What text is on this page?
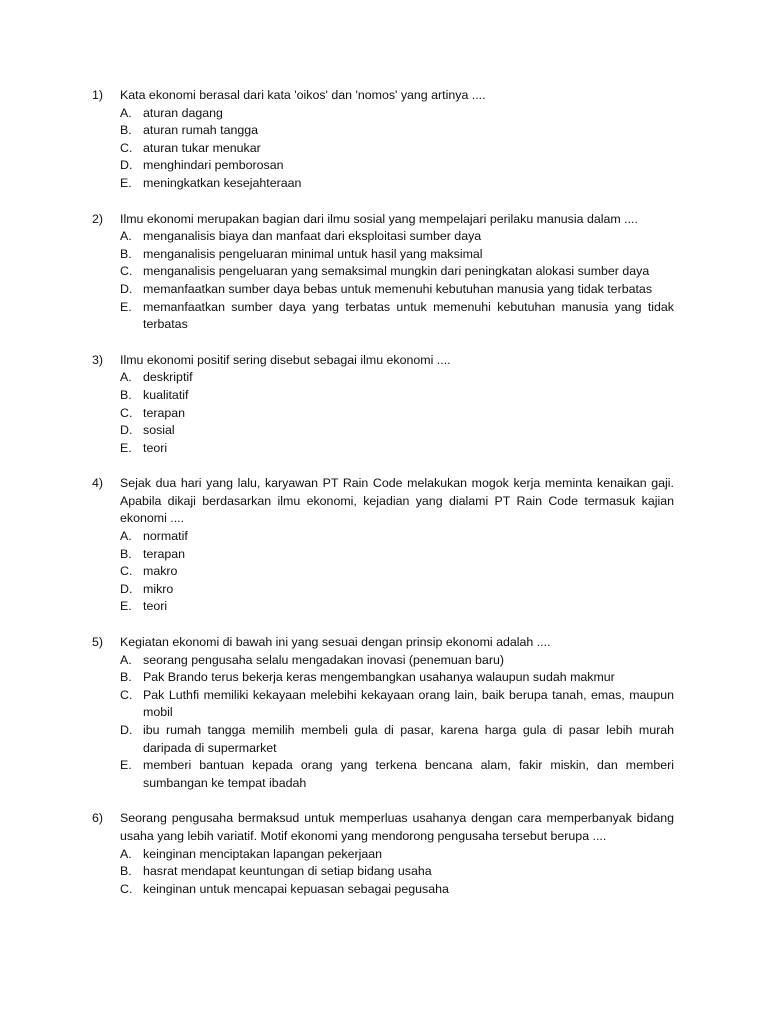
1)	Kata ekonomi berasal dari kata 'oikos' dan 'nomos' yang artinya ....
A. aturan dagang
B. aturan rumah tangga
C. aturan tukar menukar
D. menghindari pemborosan
E. meningkatkan kesejahteraan
2)	Ilmu ekonomi merupakan bagian dari ilmu sosial yang mempelajari perilaku manusia dalam ....
A. menganalisis biaya dan manfaat dari eksploitasi sumber daya
B. menganalisis pengeluaran minimal untuk hasil yang maksimal
C. menganalisis pengeluaran yang semaksimal mungkin dari peningkatan alokasi sumber daya
D. memanfaatkan sumber daya bebas untuk memenuhi kebutuhan manusia yang tidak terbatas
E. memanfaatkan sumber daya yang terbatas untuk memenuhi kebutuhan manusia yang tidak terbatas
3)	Ilmu ekonomi positif sering disebut sebagai ilmu ekonomi ....
A. deskriptif
B. kualitatif
C. terapan
D. sosial
E. teori
4)	Sejak dua hari yang lalu, karyawan PT Rain Code melakukan mogok kerja meminta kenaikan gaji. Apabila dikaji berdasarkan ilmu ekonomi, kejadian yang dialami PT Rain Code termasuk kajian ekonomi ....
A. normatif
B. terapan
C. makro
D. mikro
E. teori
5)	Kegiatan ekonomi di bawah ini yang sesuai dengan prinsip ekonomi adalah ....
A. seorang pengusaha selalu mengadakan inovasi (penemuan baru)
B. Pak Brando terus bekerja keras mengembangkan usahanya walaupun sudah makmur
C. Pak Luthfi memiliki kekayaan melebihi kekayaan orang lain, baik berupa tanah, emas, maupun mobil
D. ibu rumah tangga memilih membeli gula di pasar, karena harga gula di pasar lebih murah daripada di supermarket
E. memberi bantuan kepada orang yang terkena bencana alam, fakir miskin, dan memberi sumbangan ke tempat ibadah
6)	Seorang pengusaha bermaksud untuk memperluas usahanya dengan cara memperbanyak bidang usaha yang lebih variatif. Motif ekonomi yang mendorong pengusaha tersebut berupa ....
A. keinginan menciptakan lapangan pekerjaan
B. hasrat mendapat keuntungan di setiap bidang usaha
C. keinginan untuk mencapai kepuasan sebagai pegusaha
